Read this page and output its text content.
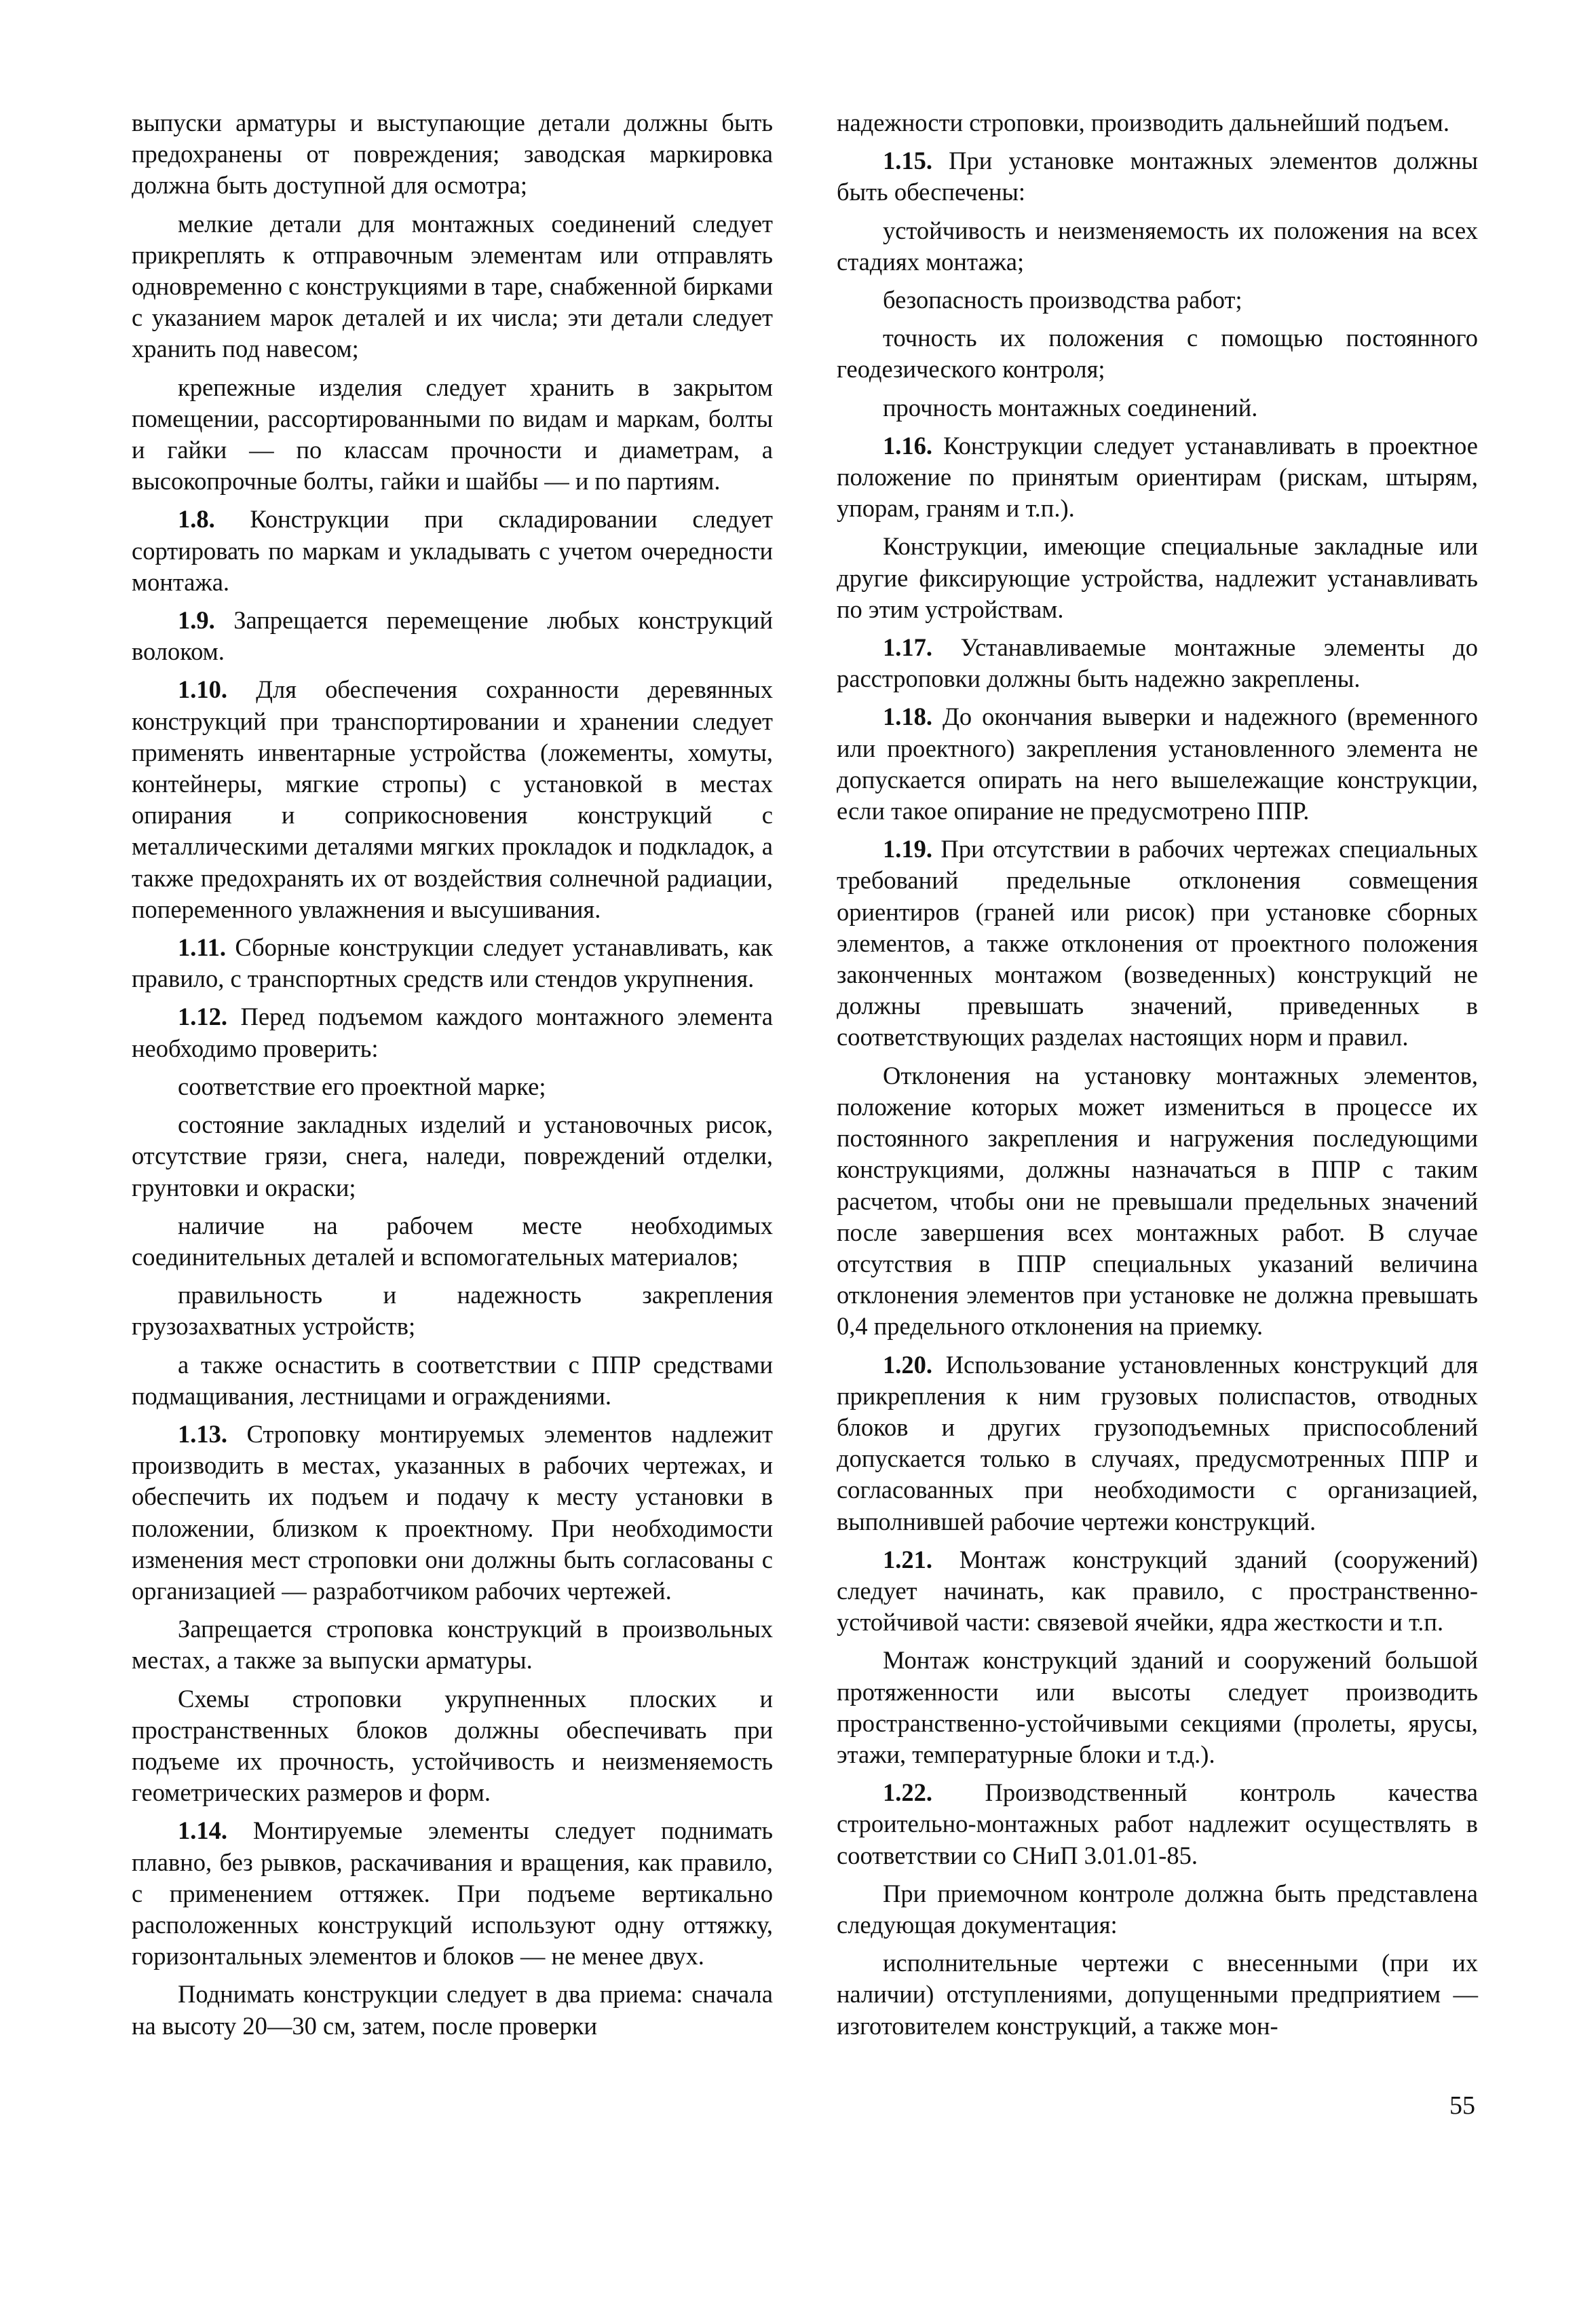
выпуски арматуры и выступающие детали должны быть предохранены от повреждения; заводская маркировка должна быть доступной для осмотра;

мелкие детали для монтажных соединений следует прикреплять к отправочным элементам или отправлять одновременно с конструкциями в таре, снабженной бирками с указанием марок деталей и их числа; эти детали следует хранить под навесом;

крепежные изделия следует хранить в закрытом помещении, рассортированными по видам и маркам, болты и гайки — по классам прочности и диаметрам, а высокопрочные болты, гайки и шайбы — и по партиям.

1.8. Конструкции при складировании следует сортировать по маркам и укладывать с учетом очередности монтажа.

1.9. Запрещается перемещение любых конструкций волоком.

1.10. Для обеспечения сохранности деревянных конструкций при транспортировании и хранении следует применять инвентарные устройства (ложементы, хомуты, контейнеры, мягкие стропы) с установкой в местах опирания и соприкосновения конструкций с металлическими деталями мягких прокладок и подкладок, а также предохранять их от воздействия солнечной радиации, попеременного увлажнения и высушивания.

1.11. Сборные конструкции следует устанавливать, как правило, с транспортных средств или стендов укрупнения.

1.12. Перед подъемом каждого монтажного элемента необходимо проверить:

соответствие его проектной марке;

состояние закладных изделий и установочных рисок, отсутствие грязи, снега, наледи, повреждений отделки, грунтовки и окраски;

наличие на рабочем месте необходимых соединительных деталей и вспомогательных материалов;

правильность и надежность закрепления грузозахватных устройств;

а также оснастить в соответствии с ППР средствами подмащивания, лестницами и ограждениями.

1.13. Строповку монтируемых элементов надлежит производить в местах, указанных в рабочих чертежах, и обеспечить их подъем и подачу к месту установки в положении, близком к проектному. При необходимости изменения мест строповки они должны быть согласованы с организацией — разработчиком рабочих чертежей.

Запрещается строповка конструкций в произвольных местах, а также за выпуски арматуры.

Схемы строповки укрупненных плоских и пространственных блоков должны обеспечивать при подъеме их прочность, устойчивость и неизменяемость геометрических размеров и форм.

1.14. Монтируемые элементы следует поднимать плавно, без рывков, раскачивания и вращения, как правило, с применением оттяжек. При подъеме вертикально расположенных конструкций используют одну оттяжку, горизонтальных элементов и блоков — не менее двух.

Поднимать конструкции следует в два приема: сначала на высоту 20—30 см, затем, после проверки

надежности строповки, производить дальнейший подъем.

1.15. При установке монтажных элементов должны быть обеспечены:

устойчивость и неизменяемость их положения на всех стадиях монтажа;

безопасность производства работ;

точность их положения с помощью постоянного геодезического контроля;

прочность монтажных соединений.

1.16. Конструкции следует устанавливать в проектное положение по принятым ориентирам (рискам, штырям, упорам, граням и т.п.).

Конструкции, имеющие специальные закладные или другие фиксирующие устройства, надлежит устанавливать по этим устройствам.

1.17. Устанавливаемые монтажные элементы до расстроповки должны быть надежно закреплены.

1.18. До окончания выверки и надежного (временного или проектного) закрепления установленного элемента не допускается опирать на него вышележащие конструкции, если такое опирание не предусмотрено ППР.

1.19. При отсутствии в рабочих чертежах специальных требований предельные отклонения совмещения ориентиров (граней или рисок) при установке сборных элементов, а также отклонения от проектного положения законченных монтажом (возведенных) конструкций не должны превышать значений, приведенных в соответствующих разделах настоящих норм и правил.

Отклонения на установку монтажных элементов, положение которых может измениться в процессе их постоянного закрепления и нагружения последующими конструкциями, должны назначаться в ППР с таким расчетом, чтобы они не превышали предельных значений после завершения всех монтажных работ. В случае отсутствия в ППР специальных указаний величина отклонения элементов при установке не должна превышать 0,4 предельного отклонения на приемку.

1.20. Использование установленных конструкций для прикрепления к ним грузовых полиспастов, отводных блоков и других грузоподъемных приспособлений допускается только в случаях, предусмотренных ППР и согласованных при необходимости с организацией, выполнившей рабочие чертежи конструкций.

1.21. Монтаж конструкций зданий (сооружений) следует начинать, как правило, с пространственно-устойчивой части: связевой ячейки, ядра жесткости и т.п.

Монтаж конструкций зданий и сооружений большой протяженности или высоты следует производить пространственно-устойчивыми секциями (пролеты, ярусы, этажи, температурные блоки и т.д.).

1.22. Производственный контроль качества строительно-монтажных работ надлежит осуществлять в соответствии со СНиП 3.01.01-85.

При приемочном контроле должна быть представлена следующая документация:

исполнительные чертежи с внесенными (при их наличии) отступлениями, допущенными предприятием — изготовителем конструкций, а также мон-

55
